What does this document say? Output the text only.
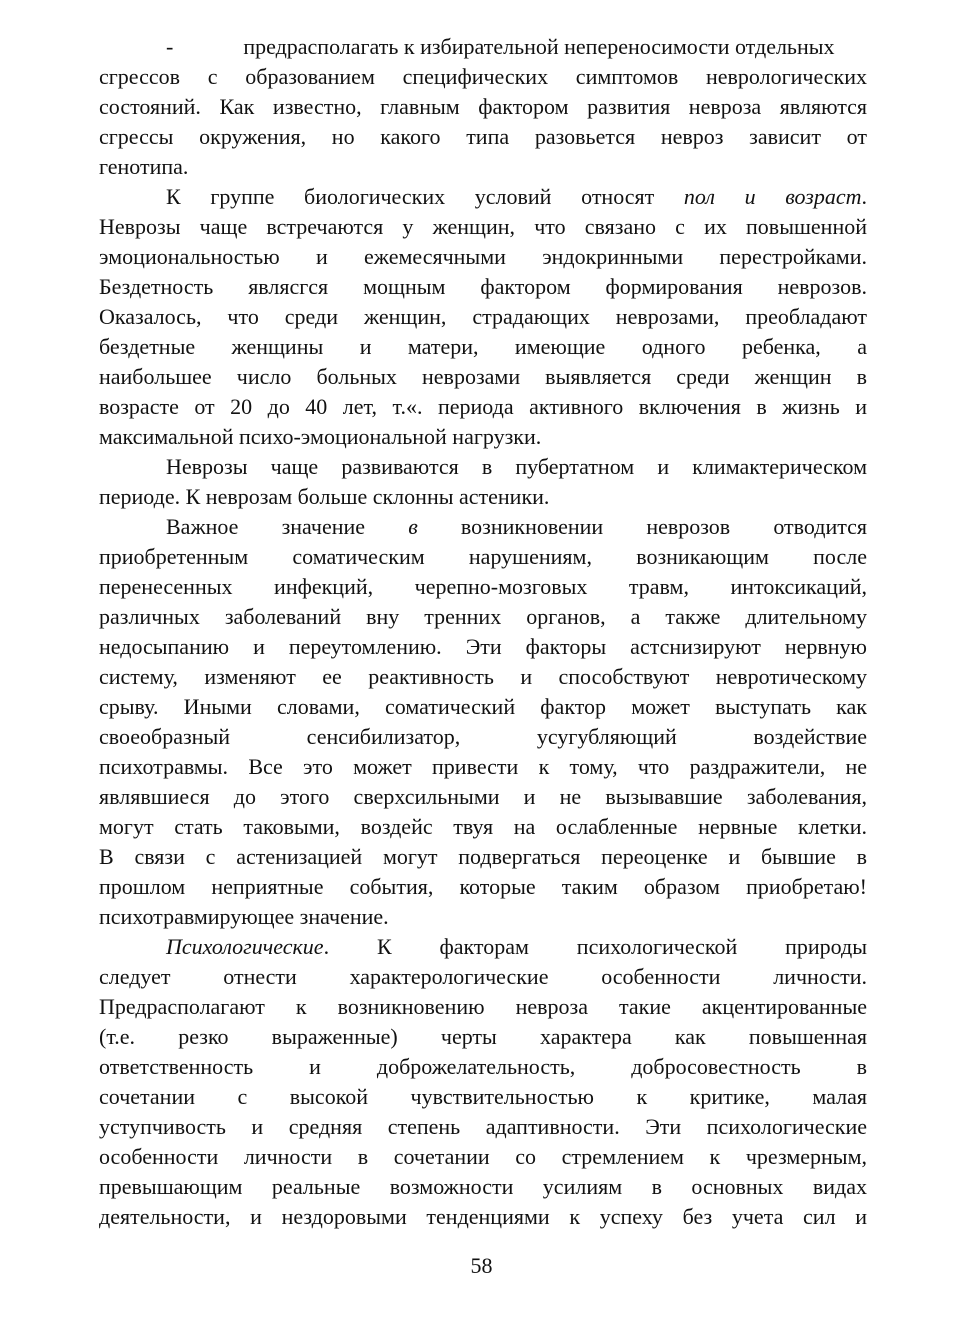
-	предрасполагать к избирательной непереносимости отдельных
сгрессов с образованием специфических симптомов неврологических
состояний. Как известно, главным фактором развития невроза являются
сгрессы окружения, но какого типа разовьется невроз зависит от
генотипа.
К группе биологических условий относят пол и возраст.
Неврозы чаще встречаются у женщин, что связано с их повышенной
эмоциональностью и ежемесячными эндокринными перестройками.
Бездетность являсгся мощным фактором формирования неврозов.
Оказалось, что среди женщин, страдающих неврозами, преобладают
бездетные женщины и матери, имеющие одного ребенка, а
наибольшее число больных неврозами выявляется среди женщин в
возрасте от 20 до 40 лет, т.«. периода активного включения в жизнь и
максимальной психо-эмоциональной нагрузки.
Неврозы чаще развиваются в пубертатном и климактерическом
периоде. К неврозам больше склонны астеники.
Важное значение в возникновении неврозов отводится
приобретенным соматическим нарушениям, возникающим после
перенесенных инфекций, черепно-мозговых травм, интоксикаций,
различных заболеваний вну тренних органов, а также длительному
недосыпанию и переутомлению. Эти факторы астснизируют нервную
систему, изменяют ее реактивность и способствуют невротическому
срыву. Иными словами, соматический фактор может выступать как
своеобразный сенсибилизатор, усугубляющий воздействие
психотравмы. Все это может привести к тому, что раздражители, не
являвшиеся до этого сверхсильными и не вызывавшие заболевания,
могут стать таковыми, воздейс твуя на ослабленные нервные клетки.
В связи с астенизацией могут подвергаться переоценке и бывшие в
прошлом неприятные события, которые таким образом приобретаю!
психотравмирующее значение.
Психологические. К факторам психологической природы
следует отнести характерологические особенности личности.
Предрасполагают к возникновению невроза такие акцентированные
(т.е. резко выраженные) черты характера как повышенная
ответственность и доброжелательность, добросовестность в
сочетании с высокой чувствительностью к критике, малая
уступчивость и средняя степень адаптивности. Эти психологические
особенности личности в сочетании со стремлением к чрезмерным,
превышающим реальные возможности усилиям в основных видах
деятельности, и нездоровыми тенденциями к успеху без учета сил и
58
